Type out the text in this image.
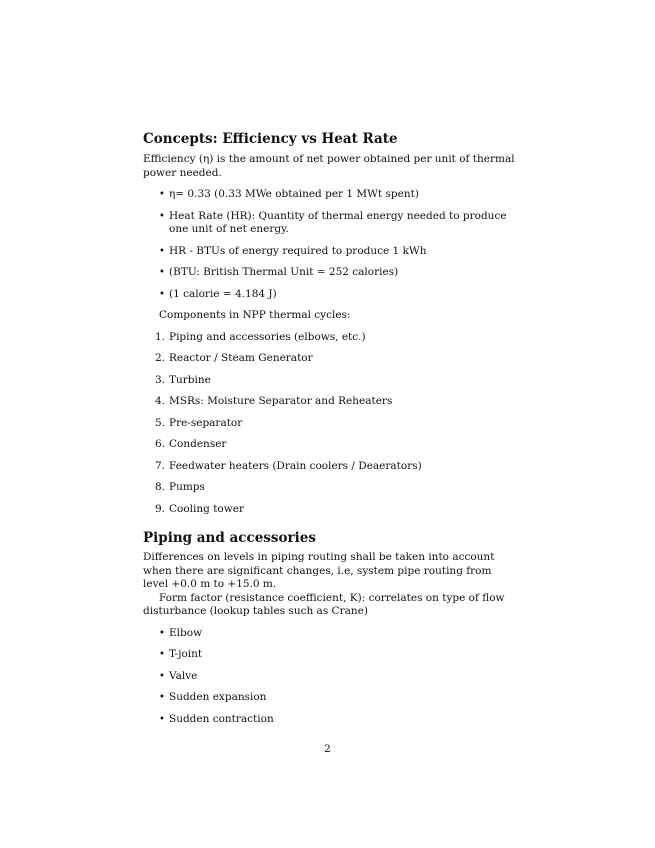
Concepts: Efficiency vs Heat Rate

Efficiency (η) is the amount of net power obtained per unit of thermal power needed.

• η= 0.33 (0.33 MWe obtained per 1 MWt spent)
• Heat Rate (HR): Quantity of thermal energy needed to produce one unit of net energy.
• HR - BTUs of energy required to produce 1 kWh
• (BTU: British Thermal Unit = 252 calories)
• (1 calorie = 4.184 J)

Components in NPP thermal cycles:

1. Piping and accessories (elbows, etc.)
2. Reactor / Steam Generator
3. Turbine
4. MSRs: Moisture Separator and Reheaters
5. Pre-separator
6. Condenser
7. Feedwater heaters (Drain coolers / Deaerators)
8. Pumps
9. Cooling tower
Piping and accessories

Differences on levels in piping routing shall be taken into account when there are significant changes, i.e, system pipe routing from level +0.0 m to +15.0 m.

Form factor (resistance coefficient, K): correlates on type of flow disturbance (lookup tables such as Crane)

• Elbow
• T-joint
• Valve
• Sudden expansion
• Sudden contraction
2
